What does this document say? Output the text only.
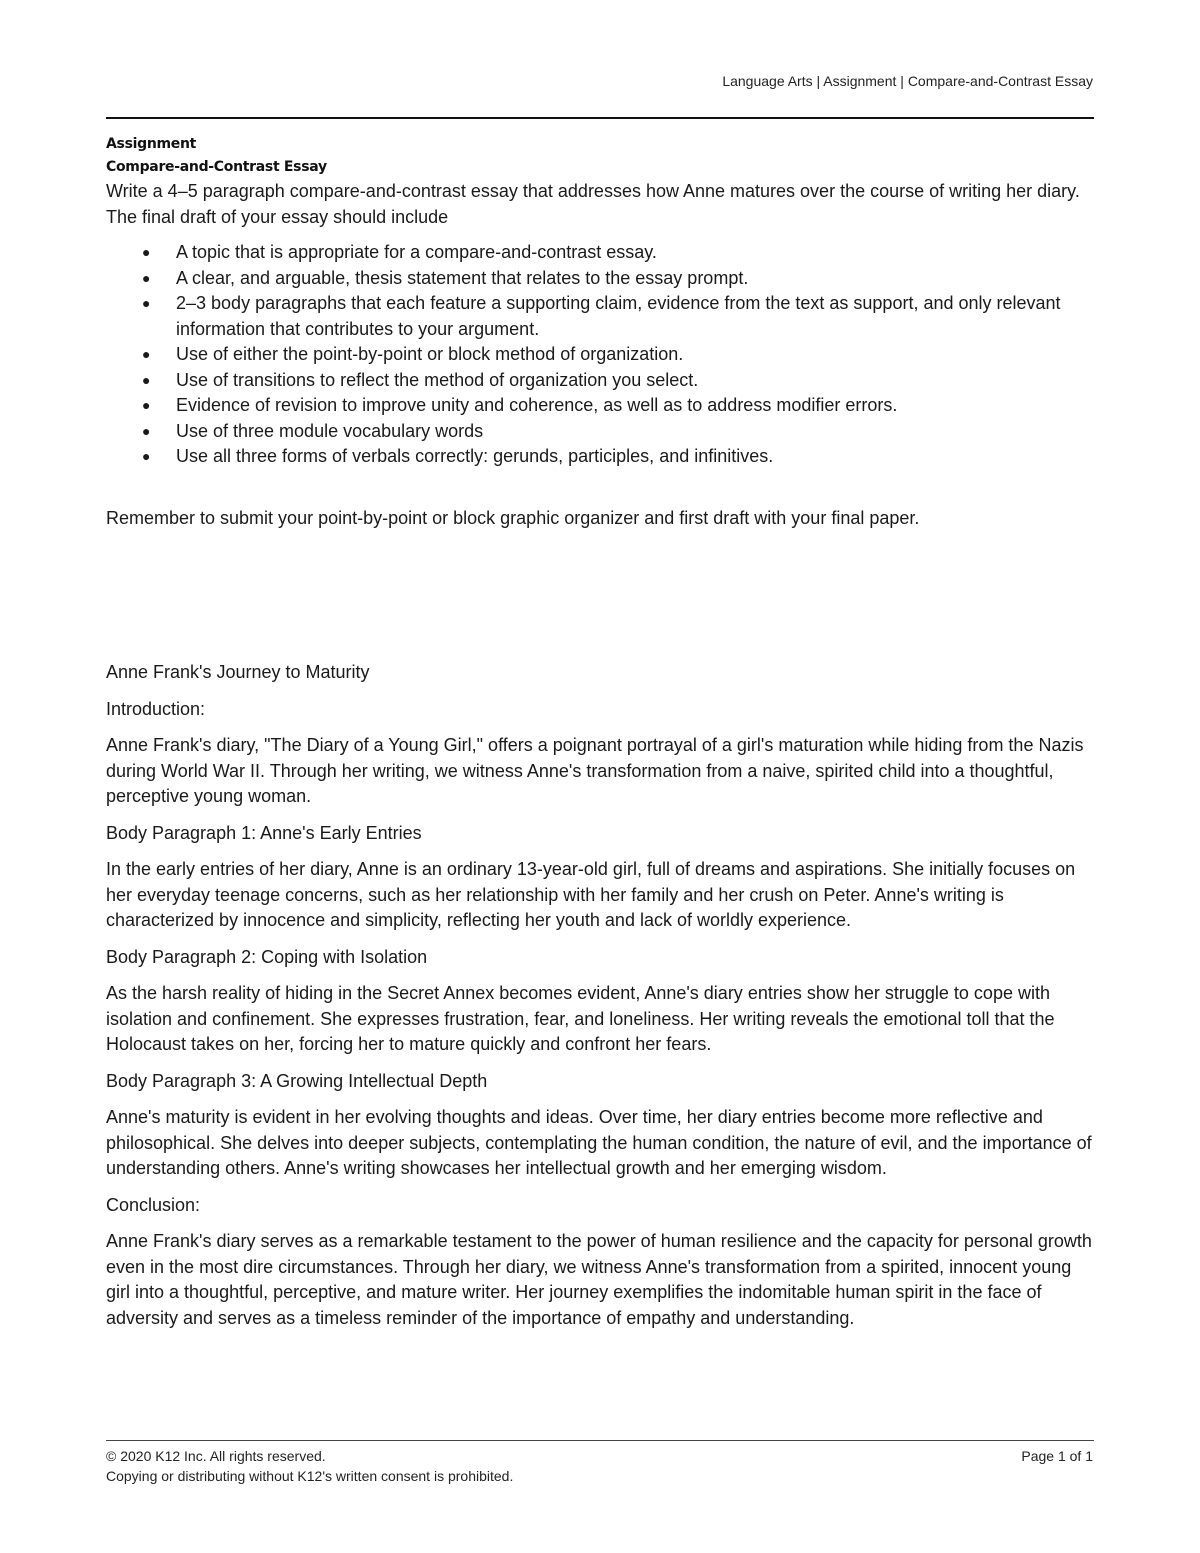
Language Arts | Assignment | Compare-and-Contrast Essay
Assignment
Compare-and-Contrast Essay

Write a 4–5 paragraph compare-and-contrast essay that addresses how Anne matures over the course of writing her diary. The final draft of your essay should include

● A topic that is appropriate for a compare-and-contrast essay.
● A clear, and arguable, thesis statement that relates to the essay prompt.
● 2–3 body paragraphs that each feature a supporting claim, evidence from the text as support, and only relevant information that contributes to your argument.
● Use of either the point-by-point or block method of organization.
● Use of transitions to reflect the method of organization you select.
● Evidence of revision to improve unity and coherence, as well as to address modifier errors.
● Use of three module vocabulary words
● Use all three forms of verbals correctly: gerunds, participles, and infinitives.

Remember to submit your point-by-point or block graphic organizer and first draft with your final paper.

Anne Frank's Journey to Maturity

Introduction:

Anne Frank's diary, "The Diary of a Young Girl," offers a poignant portrayal of a girl's maturation while hiding from the Nazis during World War II. Through her writing, we witness Anne's transformation from a naive, spirited child into a thoughtful, perceptive young woman.

Body Paragraph 1: Anne's Early Entries

In the early entries of her diary, Anne is an ordinary 13-year-old girl, full of dreams and aspirations. She initially focuses on her everyday teenage concerns, such as her relationship with her family and her crush on Peter. Anne's writing is characterized by innocence and simplicity, reflecting her youth and lack of worldly experience.

Body Paragraph 2: Coping with Isolation

As the harsh reality of hiding in the Secret Annex becomes evident, Anne's diary entries show her struggle to cope with isolation and confinement. She expresses frustration, fear, and loneliness. Her writing reveals the emotional toll that the Holocaust takes on her, forcing her to mature quickly and confront her fears.

Body Paragraph 3: A Growing Intellectual Depth

Anne's maturity is evident in her evolving thoughts and ideas. Over time, her diary entries become more reflective and philosophical. She delves into deeper subjects, contemplating the human condition, the nature of evil, and the importance of understanding others. Anne's writing showcases her intellectual growth and her emerging wisdom.

Conclusion:

Anne Frank's diary serves as a remarkable testament to the power of human resilience and the capacity for personal growth even in the most dire circumstances. Through her diary, we witness Anne's transformation from a spirited, innocent young girl into a thoughtful, perceptive, and mature writer. Her journey exemplifies the indomitable human spirit in the face of adversity and serves as a timeless reminder of the importance of empathy and understanding.

© 2020 K12 Inc. All rights reserved.
Copying or distributing without K12's written consent is prohibited.
Page 1 of 1
